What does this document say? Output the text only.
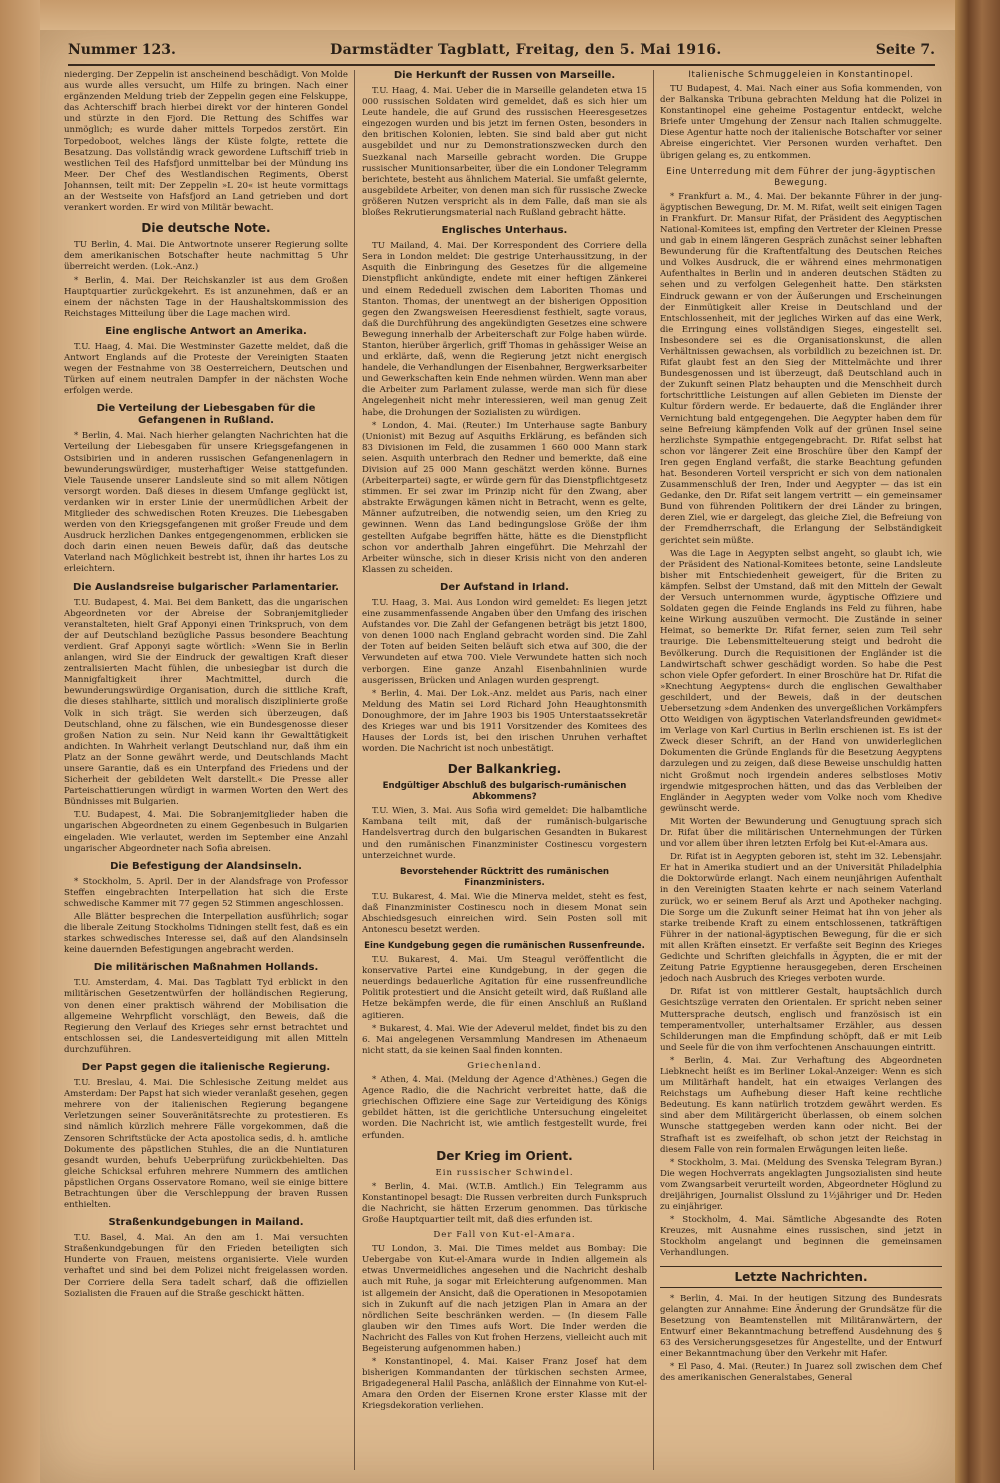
Nummer 123.	Darmstädter Tagblatt, Freitag, den 5. Mai 1916.	Seite 7.

niederging. Der Zeppelin ist anscheinend beschädigt. Von Molde aus wurde alles versucht, um Hilfe zu bringen. Nach einer ergänzenden Meldung trieb der Zeppelin gegen eine Felskuppe, das Achterschiff brach hierbei direkt vor der hinteren Gondel und stürzte in den Fjord. Die Rettung des Schiffes war unmöglich; es wurde daher mittels Torpedos zerstört. Ein Torpedoboot, welches längs der Küste folgte, rettete die Besatzung. Das vollständig wrack gewordene Luftschiff trieb in westlichen Teil des Hafsfjord unmittelbar bei der Mündung ins Meer. Der Chef des Westlandischen Regiments, Oberst Johannsen, teilt mit: Der Zeppelin »L 20« ist heute vormittags an der Westseite von Hafsfjord an Land getrieben und dort verankert worden. Er wird von Militär bewacht.

Die deutsche Note.

TU Berlin, 4. Mai. Die Antwortnote unserer Regierung sollte dem amerikanischen Botschafter heute nachmittag 5 Uhr überreicht werden. (Lok.-Anz.)

* Berlin, 4. Mai. Der Reichskanzler ist aus dem Großen Hauptquartier zurückgekehrt. Es ist anzunehmen, daß er an einem der nächsten Tage in der Haushaltskommission des Reichstages Mitteilung über die Lage machen wird.

Eine englische Antwort an Amerika.

T.U. Haag, 4. Mai. Die Westminster Gazette meldet, daß die Antwort Englands auf die Proteste der Vereinigten Staaten wegen der Festnahme von 38 Oesterreichern, Deutschen und Türken auf einem neutralen Dampfer in der nächsten Woche erfolgen werde.

Die Verteilung der Liebesgaben für die Gefangenen in Rußland.

* Berlin, 4. Mai. Nach hierher gelangten Nachrichten hat die Verteilung der Liebesgaben für unsere Kriegsgefangenen in Ostsibirien und in anderen russischen Gefangenenlagern in bewunderungswürdiger, musterhaftiger Weise stattgefunden. Viele Tausende unserer Landsleute sind so mit allem Nötigen versorgt worden. Daß dieses in diesem Umfange geglückt ist, verdanken wir in erster Linie der unermüdlichen Arbeit der Mitglieder des schwedischen Roten Kreuzes. Die Liebesgaben werden von den Kriegsgefangenen mit großer Freude und dem Ausdruck herzlichen Dankes entgegengenommen, erblicken sie doch darin einen neuen Beweis dafür, daß das deutsche Vaterland nach Möglichkeit bestrebt ist, ihnen ihr hartes Los zu erleichtern.

Die Auslandsreise bulgarischer Parlamentarier.

T.U. Budapest, 4. Mai. Bei dem Bankett, das die ungarischen Abgeordneten vor der Abreise der Sobranjemitglieder veranstalteten, hielt Graf Apponyi einen Trinkspruch, von dem der auf Deutschland bezügliche Passus besondere Beachtung verdient. Graf Apponyi sagte wörtlich: »Wenn Sie in Berlin anlangen, wird Sie der Eindruck der gewaltigen Kraft dieser zentralisierten Macht fühlen, die unbesiegbar ist durch die Mannigfaltigkeit ihrer Machtmittel, durch die bewunderungswürdige Organisation, durch die sittliche Kraft, die dieses stahlharte, sittlich und moralisch disziplinierte große Volk in sich trägt. Sie werden sich überzeugen, daß Deutschland, ohne zu fälschen, wie ein Bundesgenosse dieser großen Nation zu sein. Nur Neid kann ihr Gewalttätigkeit andichten. In Wahrheit verlangt Deutschland nur, daß ihm ein Platz an der Sonne gewährt werde, und Deutschlands Macht unsere Garantie, daß es ein Unterpfand des Friedens und der Sicherheit der gebildeten Welt darstellt.« Die Presse aller Parteischattierungen würdigt in warmen Worten den Wert des Bündnisses mit Bulgarien.

T.U. Budapest, 4. Mai. Die Sobranjemitglieder haben die ungarischen Abgeordneten zu einem Gegenbesuch in Bulgarien eingeladen. Wie verlautet, werden im September eine Anzahl ungarischer Abgeordneter nach Sofia abreisen.

Die Befestigung der Alandsinseln.

* Stockholm, 5. April. Der in der Alandsfrage von Professor Steffen eingebrachten Interpellation hat sich die Erste schwedische Kammer mit 77 gegen 52 Stimmen angeschlossen.

Alle Blätter besprechen die Interpellation ausführlich; sogar die liberale Zeitung Stockholms Tidningen stellt fest, daß es ein starkes schwedisches Interesse sei, daß auf den Alandsinseln keine dauernden Befestigungen angebracht werden.

Die militärischen Maßnahmen Hollands.

T.U. Amsterdam, 4. Mai. Das Tagblatt Tyd erblickt in den militärischen Gesetzentwürfen der holländischen Regierung, von denen einer praktisch während der Mobilisation die allgemeine Wehrpflicht vorschlägt, den Beweis, daß die Regierung den Verlauf des Krieges sehr ernst betrachtet und entschlossen sei, die Landesverteidigung mit allen Mitteln durchzuführen.

Der Papst gegen die italienische Regierung.

T.U. Breslau, 4. Mai. Die Schlesische Zeitung meldet aus Amsterdam: Der Papst hat sich wieder veranlaßt gesehen, gegen mehrere von der italienischen Regierung begangene Verletzungen seiner Souveränitätsrechte zu protestieren. Es sind nämlich kürzlich mehrere Fälle vorgekommen, daß die Zensoren Schriftstücke der Acta apostolica sedis, d. h. amtliche Dokumente des päpstlichen Stuhles, die an die Nuntiaturen gesandt wurden, behufs Ueberprüfung zurückbehielten. Das gleiche Schicksal erfuhren mehrere Nummern des amtlichen päpstlichen Organs Osservatore Romano, weil sie einige bittere Betrachtungen über die Verschleppung der braven Russen enthielten.

Straßenkundgebungen in Mailand.

T.U. Basel, 4. Mai. An den am 1. Mai versuchten Straßenkundgebungen für den Frieden beteiligten sich Hunderte von Frauen, meistens organisierte. Viele wurden verhaftet und sind bei dem Polizei nicht freigelassen worden. Der Corriere della Sera tadelt scharf, daß die offiziellen Sozialisten die Frauen auf die Straße geschickt hätten.

Die Herkunft der Russen von Marseille.

T.U. Haag, 4. Mai. Ueber die in Marseille gelandeten etwa 15 000 russischen Soldaten wird gemeldet, daß es sich hier um Leute handele, die auf Grund des russischen Heeresgesetzes eingezogen wurden und bis jetzt im fernen Osten, besonders in den britischen Kolonien, lebten. Sie sind bald aber gut nicht ausgebildet und nur zu Demonstrationszwecken durch den Suezkanal nach Marseille gebracht worden. Die Gruppe russischer Munitionsarbeiter, über die ein Londoner Telegramm berichtete, besteht aus ähnlichem Material. Sie umfaßt gelernte, ausgebildete Arbeiter, von denen man sich für russische Zwecke größeren Nutzen verspricht als in dem Falle, daß man sie als bloßes Rekrutierungsmaterial nach Rußland gebracht hätte.

Englisches Unterhaus.

TU Mailand, 4. Mai. Der Korrespondent des Corriere della Sera in London meldet: Die gestrige Unterhaussitzung, in der Asquith die Einbringung des Gesetzes für die allgemeine Dienstpflicht ankündigte, endete mit einer heftigen Zänkerei und einem Rededuell zwischen dem Laboriten Thomas und Stanton. Thomas, der unentwegt an der bisherigen Opposition gegen den Zwangsweisen Heeresdienst festhielt, sagte voraus, daß die Durchführung des angekündigten Gesetzes eine schwere Bewegung innerhalb der Arbeiterschaft zur Folge haben würde. Stanton, hierüber ärgerlich, griff Thomas in gehässiger Weise an und erklärte, daß, wenn die Regierung jetzt nicht energisch handele, die Verhandlungen der Eisenbahner, Bergwerksarbeiter und Gewerkschaften kein Ende nehmen würden. Wenn man aber die Arbeiter zum Parlament zulasse, werde man sich für diese Angelegenheit nicht mehr interessieren, weil man genug Zeit habe, die Drohungen der Sozialisten zu würdigen.

* London, 4. Mai. (Reuter.) Im Unterhause sagte Banbury (Unionist) mit Bezug auf Asquiths Erklärung, es befänden sich 83 Divisionen im Feld, die zusammen 1 660 000 Mann stark seien. Asquith unterbrach den Redner und bemerkte, daß eine Division auf 25 000 Mann geschätzt werden könne. Burnes (Arbeiterpartei) sagte, er würde gern für das Dienstpflichtgesetz stimmen. Er sei zwar im Prinzip nicht für den Zwang, aber abstrakte Erwägungen kämen nicht in Betracht, wenn es gelte, Männer aufzutreiben, die notwendig seien, um den Krieg zu gewinnen. Wenn das Land bedingungslose Größe der ihm gestellten Aufgabe begriffen hätte, hätte es die Dienstpflicht schon vor anderthalb Jahren eingeführt. Die Mehrzahl der Arbeiter wünsche, sich in dieser Krisis nicht von den anderen Klassen zu scheiden.

Der Aufstand in Irland.

T.U. Haag, 3. Mai. Aus London wird gemeldet: Es liegen jetzt eine zusammenfassende Angaben über den Umfang des irischen Aufstandes vor. Die Zahl der Gefangenen beträgt bis jetzt 1800, von denen 1000 nach England gebracht worden sind. Die Zahl der Toten auf beiden Seiten beläuft sich etwa auf 300, die der Verwundeten auf etwa 700. Viele Verwundete hatten sich noch verborgen. Eine ganze Anzahl Eisenbahnlinien wurde ausgerissen, Brücken und Anlagen wurden gesprengt.

* Berlin, 4. Mai. Der Lok.-Anz. meldet aus Paris, nach einer Meldung des Matin sei Lord Richard John Heaughtonsmith Donoughmore, der im Jahre 1903 bis 1905 Unterstaatssekretär des Krieges war und bis 1911 Vorsitzender des Komitees des Hauses der Lords ist, bei den irischen Unruhen verhaftet worden. Die Nachricht ist noch unbestätigt.

Der Balkankrieg.
Endgültiger Abschluß des bulgarisch-rumänischen Abkommens?

T.U. Wien, 3. Mai. Aus Sofia wird gemeldet: Die halbamtliche Kambana teilt mit, daß der rumänisch-bulgarische Handelsvertrag durch den bulgarischen Gesandten in Bukarest und den rumänischen Finanzminister Costinescu vorgestern unterzeichnet wurde.

Bevorstehender Rücktritt des rumänischen Finanzministers.

T.U. Bukarest, 4. Mai. Wie die Minerva meldet, steht es fest, daß Finanzminister Costinescu noch in diesem Monat sein Abschiedsgesuch einreichen wird. Sein Posten soll mit Antonescu besetzt werden.

Eine Kundgebung gegen die rumänischen Russenfreunde.

T.U. Bukarest, 4. Mai. Um Steagul veröffentlicht die konservative Partei eine Kundgebung, in der gegen die neuerdings bedauerliche Agitation für eine russenfreundliche Politik protestiert und die Ansicht geteilt wird, daß Rußland alle Hetze bekämpfen werde, die für einen Anschluß an Rußland agitieren.

* Bukarest, 4. Mai. Wie der Adeverul meldet, findet bis zu den 6. Mai angelegenen Versammlung Mandresen im Athenaeum nicht statt, da sie keinen Saal finden konnten.

Griechenland.

* Athen, 4. Mai. (Meldung der Agence d'Athènes.) Gegen die Agence Radio, die die Nachricht verbreitet hatte, daß die griechischen Offiziere eine Sage zur Verteidigung des Königs gebildet hätten, ist die gerichtliche Untersuchung eingeleitet worden. Die Nachricht ist, wie amtlich festgestellt wurde, frei erfunden.

Der Krieg im Orient.
Ein russischer Schwindel.

* Berlin, 4. Mai. (W.T.B. Amtlich.) Ein Telegramm aus Konstantinopel besagt: Die Russen verbreiten durch Funkspruch die Nachricht, sie hätten Erzerum genommen. Das türkische Große Hauptquartier teilt mit, daß dies erfunden ist.

Der Fall von Kut-el-Amara.

TU London, 3. Mai. Die Times meldet aus Bombay: Die Uebergabe von Kut-el-Amara wurde in Indien allgemein als etwas Unvermeidliches angesehen und die Nachricht deshalb auch mit Ruhe, ja sogar mit Erleichterung aufgenommen. Man ist allgemein der Ansicht, daß die Operationen in Mesopotamien sich in Zukunft auf die nach jetzigen Plan in Amara an der nördlichen Seite beschränken werden. — (In diesem Falle glauben wir den Times aufs Wort. Die Inder werden die Nachricht des Falles von Kut frohen Herzens, vielleicht auch mit Begeisterung aufgenommen haben.)

* Konstantinopel, 4. Mai. Kaiser Franz Josef hat dem bisherigen Kommandanten der türkischen sechsten Armee, Brigadegeneral Halil Pascha, anläßlich der Einnahme von Kut-el-Amara den Orden der Eisernen Krone erster Klasse mit der Kriegsdekoration verliehen.

Italienische Schmuggeleien in Konstantinopel.

TU Budapest, 4. Mai. Nach einer aus Sofia kommenden, von der Balkanska Tribuna gebrachten Meldung hat die Polizei in Konstantinopel eine geheime Postagentur entdeckt, welche Briefe unter Umgehung der Zensur nach Italien schmuggelte. Diese Agentur hatte noch der italienische Botschafter vor seiner Abreise eingerichtet. Vier Personen wurden verhaftet. Den übrigen gelang es, zu entkommen.

Eine Unterredung mit dem Führer der jung-ägyptischen Bewegung.

* Frankfurt a. M., 4. Mai. Der bekannte Führer in der jung-ägyptischen Bewegung, Dr. M. M. Rifat, weilt seit einigen Tagen in Frankfurt. Dr. Mansur Rifat, der Präsident des Aegyptischen National-Komitees ist, empfing den Vertreter der Kleinen Presse und gab in einem längeren Gespräch zunächst seiner lebhaften Bewunderung für die Kraftentfaltung des Deutschen Reiches und Volkes Ausdruck, die er während eines mehrmonatigen Aufenthaltes in Berlin und in anderen deutschen Städten zu sehen und zu verfolgen Gelegenheit hatte. Den stärksten Eindruck gewann er von der Äußerungen und Erscheinungen der Einmütigkeit aller Kreise in Deutschland und der Entschlossenheit, mit der jegliches Wirken auf das eine Werk, die Erringung eines vollständigen Sieges, eingestellt sei. Insbesondere sei es die Organisationskunst, die allen Verhältnissen gewachsen, als vorbildlich zu bezeichnen ist. Dr. Rifat glaubt fest an den Sieg der Mittelmächte und ihrer Bundesgenossen und ist überzeugt, daß Deutschland auch in der Zukunft seinen Platz behaupten und die Menschheit durch fortschrittliche Leistungen auf allen Gebieten im Dienste der Kultur fördern werde. Er bedauerte, daß die Engländer ihrer Vernichtung bald entgegengehen. Die Aegypter haben dem für seine Befreiung kämpfenden Volk auf der grünen Insel seine herzlichste Sympathie entgegengebracht. Dr. Rifat selbst hat schon vor längerer Zeit eine Broschüre über den Kampf der Iren gegen England verfaßt, die starke Beachtung gefunden hat. Besonderen Vorteil verspricht er sich von dem nationalen Zusammenschluß der Iren, Inder und Aegypter — das ist ein Gedanke, den Dr. Rifat seit langem vertritt — ein gemeinsamer Bund von führenden Politikern der drei Länder zu bringen, deren Ziel, wie er dargelegt, das gleiche Ziel, die Befreiung von der Fremdherrschaft, die Erlangung der Selbständigkeit gerichtet sein müßte.

Was die Lage in Aegypten selbst angeht, so glaubt ich, wie der Präsident des National-Komitees betonte, seine Landsleute bisher mit Entschiedenheit geweigert, für die Briten zu kämpfen. Selbst der Umstand, daß mit den Mitteln der Gewalt der Versuch unternommen wurde, ägyptische Offiziere und Soldaten gegen die Feinde Englands ins Feld zu führen, habe keine Wirkung auszuüben vermocht. Die Zustände in seiner Heimat, so bemerkte Dr. Rifat ferner, seien zum Teil sehr traurige. Die Lebensmittelteuerung steigt und bedroht die Bevölkerung. Durch die Requisitionen der Engländer ist die Landwirtschaft schwer geschädigt worden. So habe die Pest schon viele Opfer gefordert. In einer Broschüre hat Dr. Rifat die »Knechtung Aegyptens« durch die englischen Gewalthaber geschildert, und der Beweis, daß in der deutschen Uebersetzung »dem Andenken des unvergeßlichen Vorkämpfers Otto Weidigen von ägyptischen Vaterlandsfreunden gewidmet« im Verlage von Karl Curtius in Berlin erschienen ist. Es ist der Zweck dieser Schrift, an der Hand von unwiderleglichen Dokumenten die Gründe Englands für die Besetzung Aegyptens darzulegen und zu zeigen, daß diese Beweise unschuldig hatten nicht Großmut noch irgendein anderes selbstloses Motiv irgendwie mitgesprochen hätten, und das das Verbleiben der Engländer in Aegypten weder vom Volke noch vom Khedive gewünscht werde.

Mit Worten der Bewunderung und Genugtuung sprach sich Dr. Rifat über die militärischen Unternehmungen der Türken und vor allem über ihren letzten Erfolg bei Kut-el-Amara aus.

Dr. Rifat ist in Aegypten geboren ist, steht im 32. Lebensjahr. Er hat in Amerika studiert und an der Universität Philadelphia die Doktorwürde erlangt. Nach einem neunjährigen Aufenthalt in den Vereinigten Staaten kehrte er nach seinem Vaterland zurück, wo er seinem Beruf als Arzt und Apotheker nachging. Die Sorge um die Zukunft seiner Heimat hat ihn von jeher als starke treibende Kraft zu einem entschlossenen, tatkräftigen Führer in der national-ägyptischen Bewegung, für die er sich mit allen Kräften einsetzt. Er verfaßte seit Beginn des Krieges Gedichte und Schriften gleichfalls in Ägypten, die er mit der Zeitung Patrie Egyptienne herausgegeben, deren Erscheinen jedoch nach Ausbruch des Krieges verboten wurde.

Dr. Rifat ist von mittlerer Gestalt, hauptsächlich durch Gesichtszüge verraten den Orientalen. Er spricht neben seiner Muttersprache deutsch, englisch und französisch ist ein temperamentvoller, unterhaltsamer Erzähler, aus dessen Schilderungen man die Empfindung schöpft, daß er mit Leib und Seele für die von ihm verfochtenen Anschauungen eintritt.

* Berlin, 4. Mai. Zur Verhaftung des Abgeordneten Liebknecht heißt es im Berliner Lokal-Anzeiger: Wenn es sich um Militärhaft handelt, hat ein etwaiges Verlangen des Reichstags um Aufhebung dieser Haft keine rechtliche Bedeutung. Es kann natürlich trotzdem gewährt werden. Es sind aber dem Militärgericht überlassen, ob einem solchen Wunsche stattgegeben werden kann oder nicht. Bei der Strafhaft ist es zweifelhaft, ob schon jetzt der Reichstag in diesem Falle von rein formalen Erwägungen leiten ließe.

* Stockholm, 3. Mai. (Meldung des Svenska Telegram Byran.) Die wegen Hochverrats angeklagten Jungsozialisten sind heute vom Zwangsarbeit verurteilt worden, Abgeordneter Höglund zu dreijährigen, Journalist Olsslund zu 1½jähriger und Dr. Heden zu einjähriger.

* Stockholm, 4. Mai. Sämtliche Abgesandte des Roten Kreuzes, mit Ausnahme eines russischen, sind jetzt in Stockholm angelangt und beginnen die gemeinsamen Verhandlungen.

Letzte Nachrichten.

* Berlin, 4. Mai. In der heutigen Sitzung des Bundesrats gelangten zur Annahme: Eine Änderung der Grundsätze für die Besetzung von Beamtenstellen mit Militäranwärtern, der Entwurf einer Bekanntmachung betreffend Ausdehnung des § 63 des Versicherungsgesetzes für Angestellte, und der Entwurf einer Bekanntmachung über den Verkehr mit Hafer.

* El Paso, 4. Mai. (Reuter.) In Juarez soll zwischen dem Chef des amerikanischen Generalstabes, General
